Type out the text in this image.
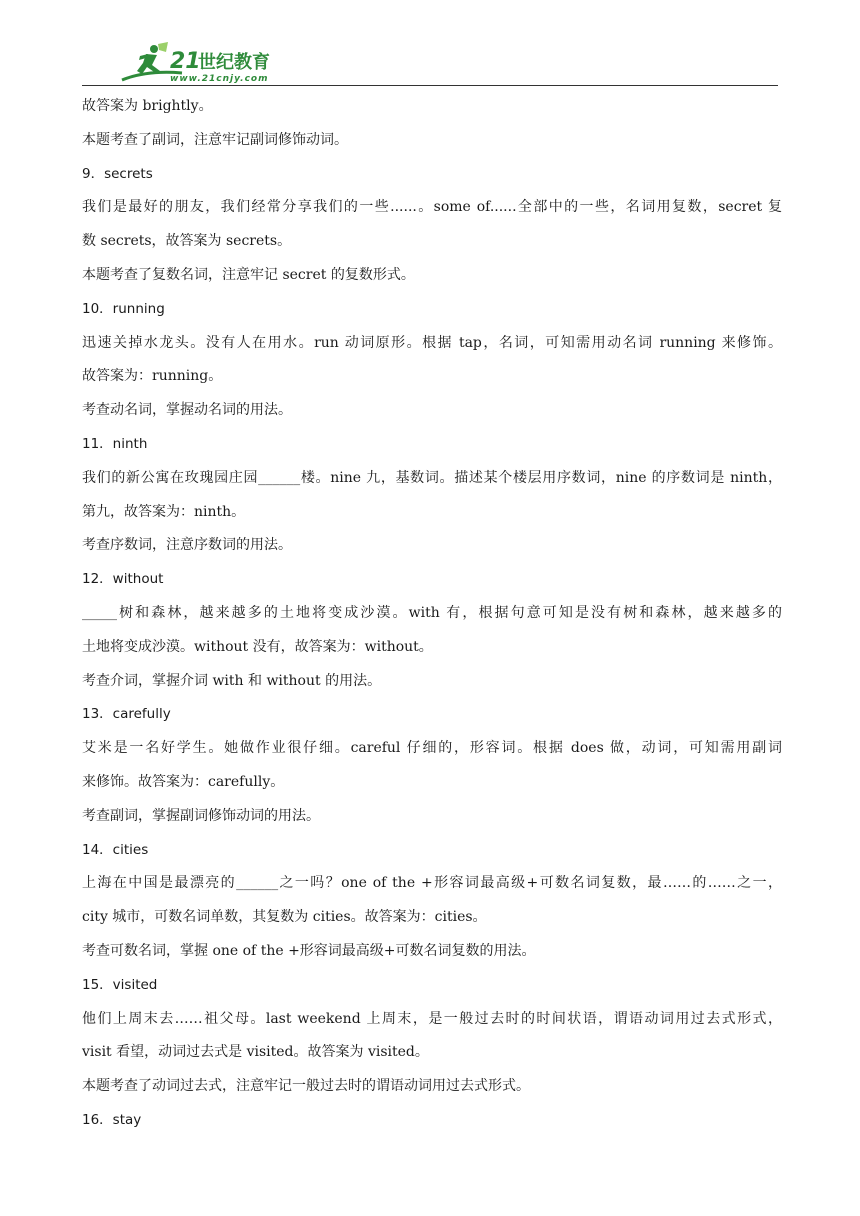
21
世纪教育
www.21cnjy.com
故答案为 brightly。
本题考查了副词，注意牢记副词修饰动词。
9．secrets
我们是最好的朋友，我们经常分享我们的一些......。some of......全部中的一些，名词用复数，secret 复
数 secrets，故答案为 secrets。
本题考查了复数名词，注意牢记 secret 的复数形式。
10．running
迅速关掉水龙头。没有人在用水。run 动词原形。根据 tap，名词，可知需用动名词 running 来修饰。
故答案为：running。
考查动名词，掌握动名词的用法。
11．ninth
我们的新公寓在玫瑰园庄园______楼。nine 九，基数词。描述某个楼层用序数词，nine 的序数词是 ninth，
第九，故答案为：ninth。
考查序数词，注意序数词的用法。
12．without
_____树和森林，越来越多的土地将变成沙漠。with 有，根据句意可知是没有树和森林，越来越多的
土地将变成沙漠。without 没有，故答案为：without。
考查介词，掌握介词 with 和 without 的用法。
13．carefully
艾米是一名好学生。她做作业很仔细。careful 仔细的，形容词。根据 does 做，动词，可知需用副词
来修饰。故答案为：carefully。
考查副词，掌握副词修饰动词的用法。
14．cities
上海在中国是最漂亮的______之一吗？one of the +形容词最高级+可数名词复数，最……的……之一，
city 城市，可数名词单数，其复数为 cities。故答案为：cities。
考查可数名词，掌握 one of the +形容词最高级+可数名词复数的用法。
15．visited
他们上周末去……祖父母。last weekend 上周末，是一般过去时的时间状语，谓语动词用过去式形式，
visit 看望，动词过去式是 visited。故答案为 visited。
本题考查了动词过去式，注意牢记一般过去时的谓语动词用过去式形式。
16．stay
